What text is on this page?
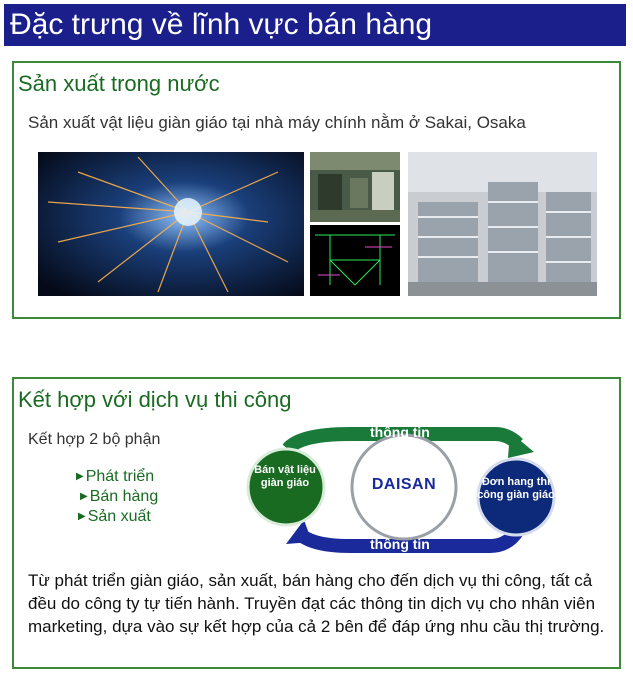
Đặc trưng về lĩnh vực bán hàng
Sản xuất trong nước
Sản xuất vật liệu giàn giáo tại nhà máy chính nằm ở Sakai, Osaka
Kết hợp với dịch vụ thi công
Kết hợp 2 bộ phận
▶ Phát triển
▶ Bán hàng
▶ Sản xuất
thông tin
thông tin
Bán vật liệu giàn giáo	DAISAN	Đơn hang thi công giàn giáo
Từ phát triển giàn giáo, sản xuất, bán hàng cho đến dịch vụ thi công, tất cả đều do công ty tự tiến hành. Truyền đạt các thông tin dịch vụ cho nhân viên marketing, dựa vào sự kết hợp của cả 2 bên để đáp ứng nhu cầu thị trường.
